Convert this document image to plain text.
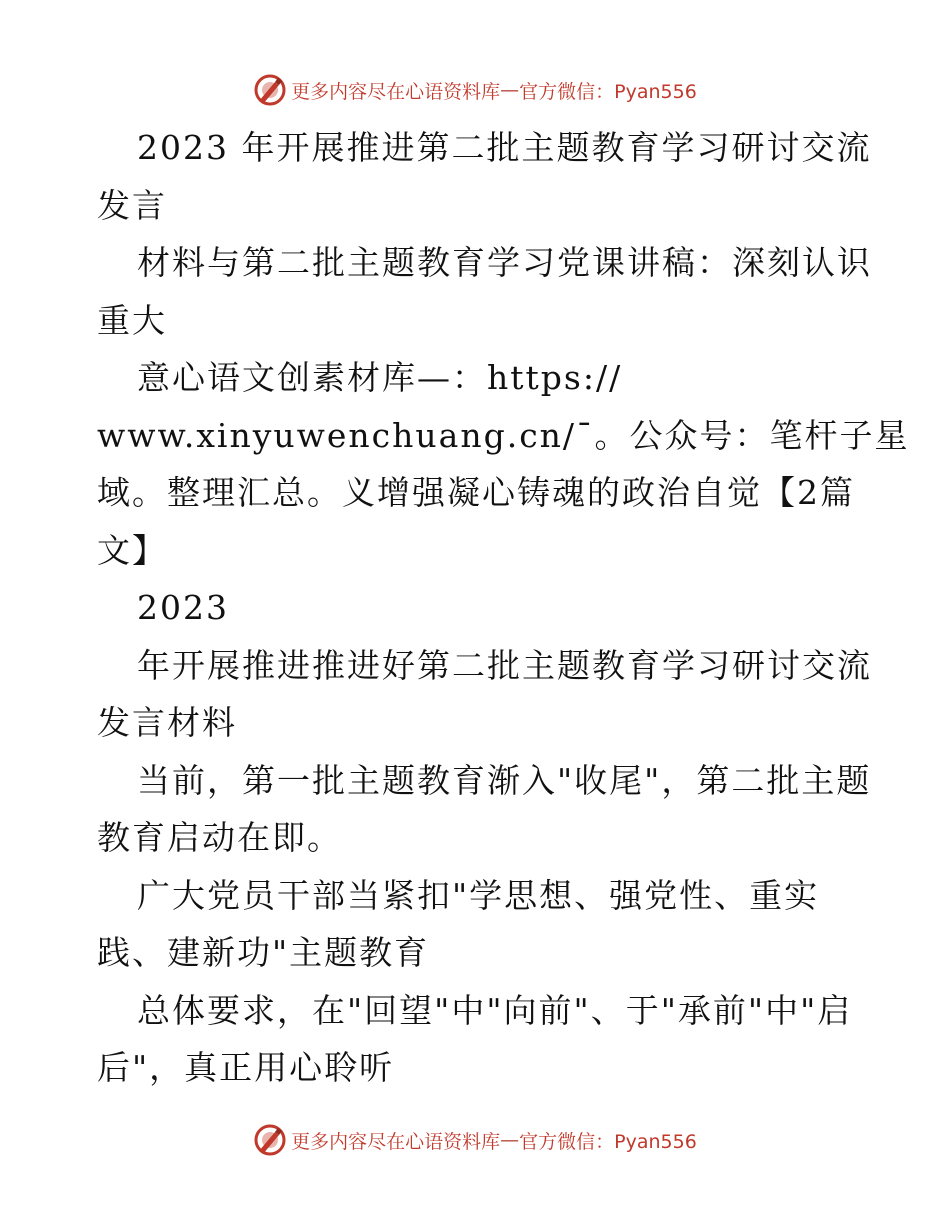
更多内容尽在心语资料库 — 官方微信：Pyan556
2023 年开展推进第二批主题教育学习研讨交流
发言
材料与第二批主题教育学习党课讲稿：深刻认识
重大
意心语文创素材库—：https://
www.xinyuwenchuang.cn/¯。公众号：笔杆子星
域。整理汇总。义增强凝心铸魂的政治自觉【2篇
文】
2023
年开展推进推进好第二批主题教育学习研讨交流
发言材料
当前，第一批主题教育渐入"收尾"，第二批主题
教育启动在即。
广大党员干部当紧扣"学思想、强党性、重实
践、建新功"主题教育
总体要求，在"回望"中"向前"、于"承前"中"启
后"，真正用心聆听
更多内容尽在心语资料库 — 官方微信：Pyan556
